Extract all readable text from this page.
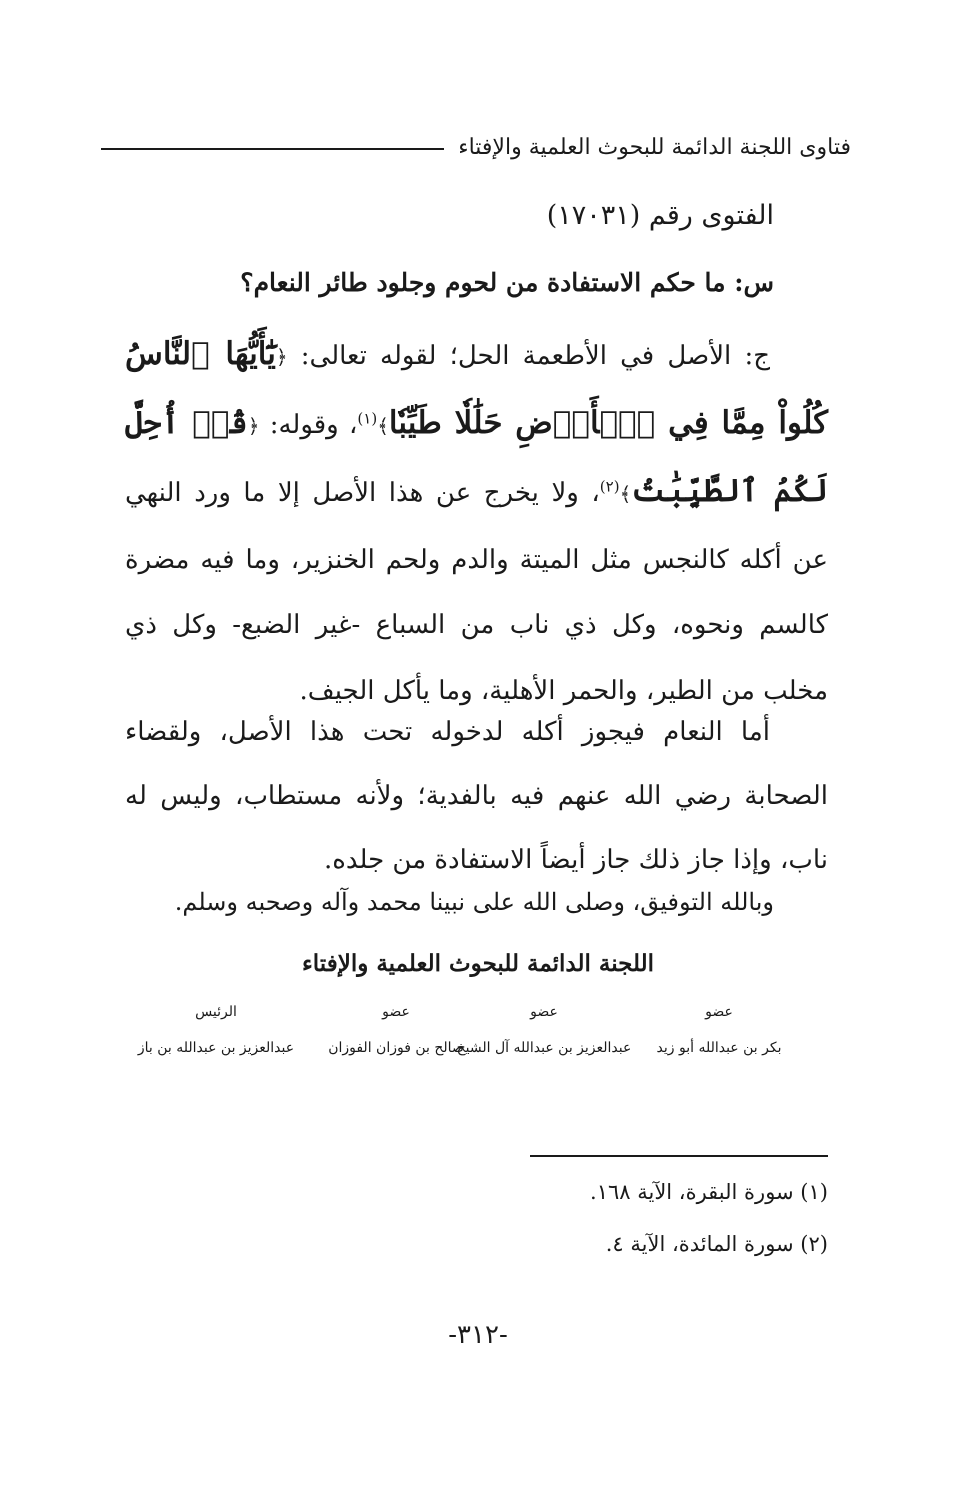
فتاوى اللجنة الدائمة للبحوث العلمية والإفتاء
الفتوى رقم (١٧٠٣١)
س: ما حكم الاستفادة من لحوم وجلود طائر النعام؟

ج: الأصل في الأطعمة الحل؛ لقوله تعالى: ﴿يَٰٓأَيُّهَا ٱلنَّاسُ كُلُواْ مِمَّا فِي ٱلۡأَرۡضِ حَلَٰلٗا طَيِّبٗا﴾$^{(١)}$، وقوله: ﴿قُلۡ أُحِلَّ لَكُمُ ٱلطَّيِّبَٰتُ﴾$^{(٢)}$، ولا يخرج عن هذا الأصل إلا ما ورد النهي عن أكله كالنجس مثل الميتة والدم ولحم الخنزير، وما فيه مضرة كالسم ونحوه، وكل ذي ناب من السباع -غير الضبع- وكل ذي مخلب من الطير، والحمر الأهلية، وما يأكل الجيف.

أما النعام فيجوز أكله لدخوله تحت هذا الأصل، ولقضاء الصحابة رضي الله عنهم فيه بالفدية؛ ولأنه مستطاب، وليس له ناب، وإذا جاز ذلك جاز أيضاً الاستفادة من جلده.

وبالله التوفيق، وصلى الله على نبينا محمد وآله وصحبه وسلم.
اللجنة الدائمة للبحوث العلمية والإفتاء
عضو
عضو
عضو
الرئيس
بكر بن عبدالله أبو زيد
عبدالعزيز بن عبدالله آل الشيخ
صالح بن فوزان الفوزان
عبدالعزيز بن عبدالله بن باز
(١) سورة البقرة، الآية ١٦٨.
(٢) سورة المائدة، الآية ٤.
-٣١٢-
